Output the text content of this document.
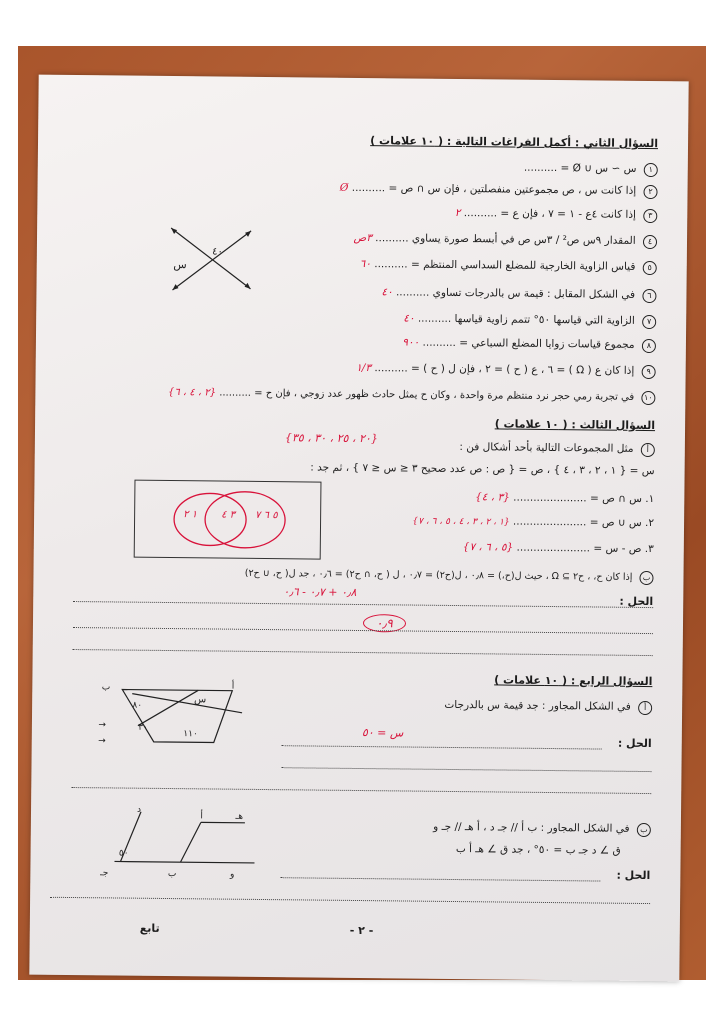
السؤال الثاني : أكمل الفراغات التالية : ( ١٠ علامات )
١ س ∼ س ∪ Ø = ..........
٢ إذا كانت س ، ص مجموعتين منفصلتين ، فإن س ∩ ص = .......... Ø
٣ إذا كانت ٤ع - ١ = ٧ ، فإن ع = .......... ٢
٤ المقدار ٩س ص² / ٣س ص في أبسط صورة يساوي .......... ٣ص
٥ قياس الزاوية الخارجية للمضلع السداسي المنتظم = .......... ٦٠
٦ في الشكل المقابل : قيمة س بالدرجات تساوي .......... ٤٠
٧ الزاوية التي قياسها ٥٠° تتمم زاوية قياسها .......... ٤٠
٨ مجموع قياسات زوايا المضلع السباعي = .......... ٩٠٠
٩ إذا كان ع ( Ω ) = ٦ ، ع ( ح ) = ٢ ، فإن ل ( ح ) = .......... ١/٣
١٠ في تجربة رمي حجر نرد منتظم مرة واحدة ، وكان ح يمثل حادث ظهور عدد زوجي ، فإن ح = .......... {٢ ، ٤ ، ٦}
س
٤٠
السؤال الثالث : ( ١٠ علامات )
أ مثل المجموعات التالية بأحد أشكال فن :
{٢٠ ، ٢٥ ، ٣٠ ، ٣٥}
س = { ١ ، ٢ ، ٣ ، ٤ } ، ص = { ص : ص عدد صحيح ٣ ≤ س ≤ ٧ } ، ثم جد :
١ ٢ ٣ ٤ ٥ ٦ ٧
١. س ∩ ص = ...................... {٣ ، ٤}
٢. س ∪ ص = ...................... {١ ، ٢ ، ٣ ، ٤ ، ٥ ، ٦ ، ٧}
٣. ص - س = ...................... {٥ ، ٦ ، ٧}
ب إذا كان ح، ، ح٢ ⊇ Ω ، حيث ل(ح،) = ٠٫٨ ، ل(ح٢) = ٠٫٧ ، ل ( ح، ∩ ح٢) = ٠٫٦ ، جد ل( ح، ∪ ح٢)
الحل :
٠٫٨ + ٠٫٧ - ٠٫٦
٠٫٩
السؤال الرابع : ( ١٠ علامات )
أ في الشكل المجاور : جد قيمة س بالدرجات
ب	أ
٨٠
٣٠
١١٠
س
→
→	الحل :
س = ٥٠
ب في الشكل المجاور : ب أ // جـ د ، أ هـ // جـ و
ق ∠ د جـ ب = ٥٠° ، جد ق ∠ هـ أ ب
د
هـ
أ
ب	و
جـ
٥٠
الحل :
- ٢ -
تابع
